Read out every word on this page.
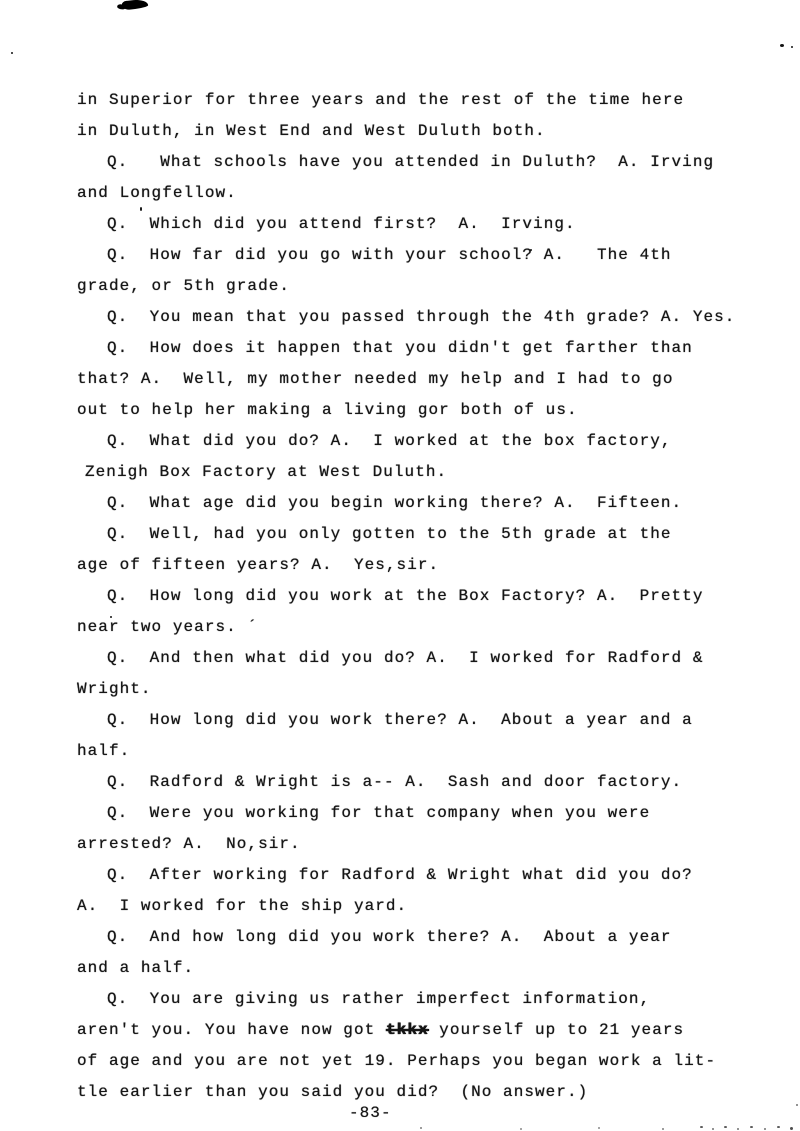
in Superior for three years and the rest of the time here
in Duluth, in West End and West Duluth both.
Q.   What schools have you attended in Duluth?  A. Irving
and Longfellow.
Q.  Which did you attend first?  A.  Irving.
Q.  How far did you go with your school? A.   The 4th
grade, or 5th grade.
Q.  You mean that you passed through the 4th grade? A. Yes.
Q.  How does it happen that you didn't get farther than
that? A.  Well, my mother needed my help and I had to go
out to help her making a living gor both of us.
Q.  What did you do? A.  I worked at the box factory,
Zenigh Box Factory at West Duluth.
Q.  What age did you begin working there? A.  Fifteen.
Q.  Well, had you only gotten to the 5th grade at the
age of fifteen years? A.  Yes,sir.
Q.  How long did you work at the Box Factory? A.  Pretty
near two years. ´
Q.  And then what did you do? A.  I worked for Radford &
Wright.
Q.  How long did you work there? A.  About a year and a
half.
Q.  Radford & Wright is a-- A.  Sash and door factory.
Q.  Were you working for that company when you were
arrested? A.  No,sir.
Q.  After working for Radford & Wright what did you do?
A.  I worked for the ship yard.
Q.  And how long did you work there? A.  About a year
and a half.
Q.  You are giving us rather imperfect information,
aren't you. You have now got tkkx yourself up to 21 years
of age and you are not yet 19. Perhaps you began work a lit-
tle earlier than you said you did?  (No answer.)
-83-
